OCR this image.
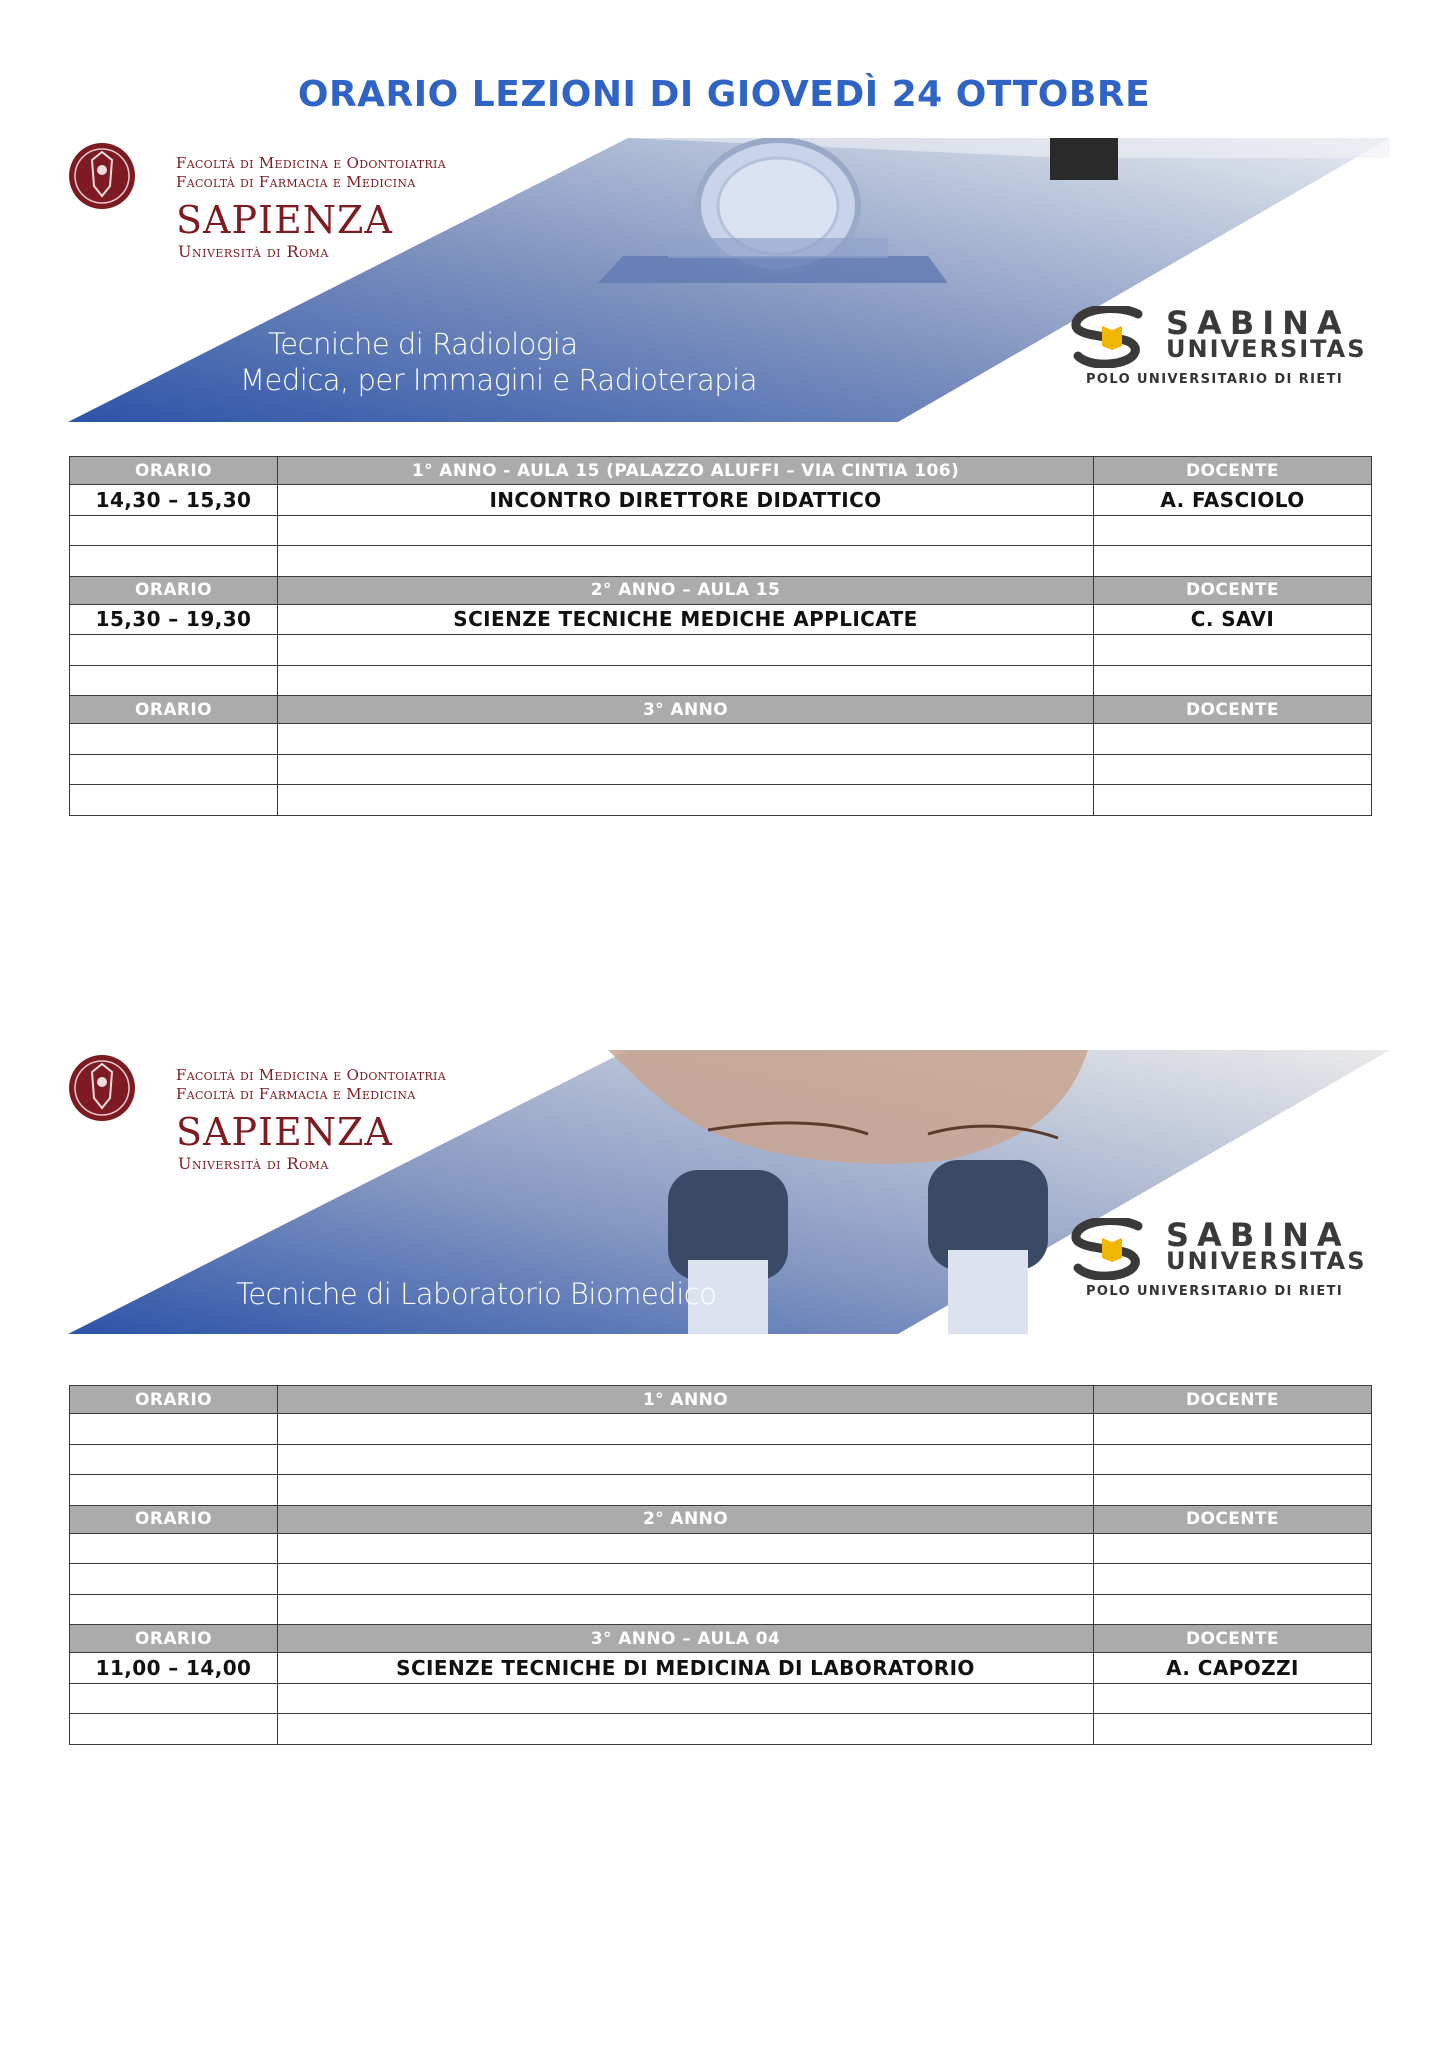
ORARIO LEZIONI DI GIOVEDÌ 24 OTTOBRE
Facoltà di Medicina e Odontoiatria
Facoltà di Farmacia e Medicina
SAPIENZA
Università di Roma
Tecniche di Radiologia
Medica, per Immagini e Radioterapia
SABINA
UNIVERSITAS
POLO UNIVERSITARIO DI RIETI
ORARIO	1° ANNO - AULA 15 (PALAZZO ALUFFI – VIA CINTIA 106)	DOCENTE
14,30 – 15,30	INCONTRO DIRETTORE DIDATTICO	A. FASCIOLO

ORARIO	2° ANNO – AULA 15	DOCENTE
15,30 – 19,30	SCIENZE TECNICHE MEDICHE APPLICATE	C. SAVI

ORARIO	3° ANNO	DOCENTE

Facoltà di Medicina e Odontoiatria
Facoltà di Farmacia e Medicina
SAPIENZA
Università di Roma
Tecniche di Laboratorio Biomedico
SABINA
UNIVERSITAS
POLO UNIVERSITARIO DI RIETI
ORARIO	1° ANNO	DOCENTE

ORARIO	2° ANNO	DOCENTE

ORARIO	3° ANNO – AULA 04	DOCENTE
11,00 – 14,00	SCIENZE TECNICHE DI MEDICINA DI LABORATORIO	A. CAPOZZI
